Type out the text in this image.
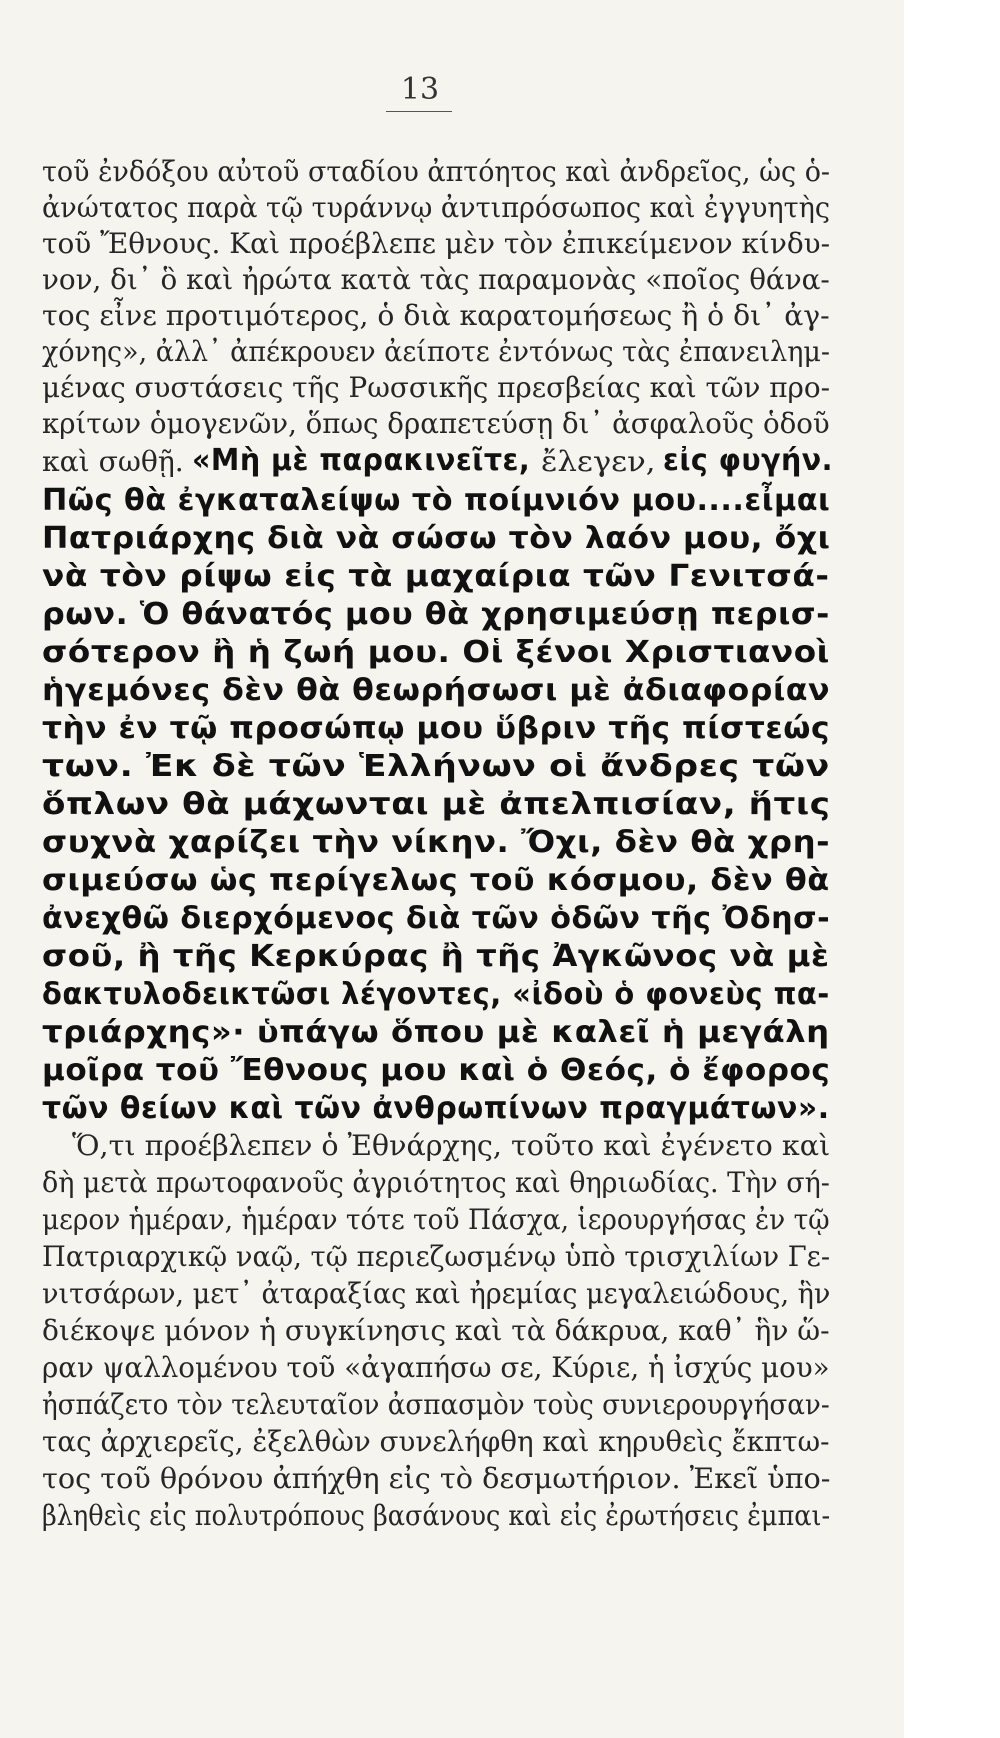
13
τοῦ ἐνδόξου αὐτοῦ σταδίου ἀπτόητος καὶ ἀνδρεῖος, ὡς ὁ-
ἀνώτατος παρὰ τῷ τυράννῳ ἀντιπρόσωπος καὶ ἐγγυητὴς
τοῦ Ἔθνους. Καὶ προέβλεπε μὲν τὸν ἐπικείμενον κίνδυ-
νον, δι᾽ ὃ καὶ ἠρώτα κατὰ τὰς παραμονὰς «ποῖος θάνα-
τος εἶνε προτιμότερος, ὁ διὰ καρατομήσεως ἢ ὁ δι᾽ ἀγ-
χόνης», ἀλλ᾽ ἀπέκρουεν ἀείποτε ἐντόνως τὰς ἐπανειλημ-
μένας συστάσεις τῆς Ρωσσικῆς πρεσβείας καὶ τῶν προ-
κρίτων ὁμογενῶν, ὅπως δραπετεύσῃ δι᾽ ἀσφαλοῦς ὁδοῦ
καὶ σωθῇ. «Μὴ μὲ παρακινεῖτε, ἔλεγεν, εἰς φυγήν.
Πῶς θὰ ἐγκαταλείψω τὸ ποίμνιόν μου....εἶμαι
Πατριάρχης διὰ νὰ σώσω τὸν λαόν μου, ὄχι
νὰ τὸν ρίψω εἰς τὰ μαχαίρια τῶν Γενιτσά-
ρων. Ὁ θάνατός μου θὰ χρησιμεύσῃ περισ-
σότερον ἢ ἡ ζωή μου. Οἱ ξένοι Χριστιανοὶ
ἡγεμόνες δὲν θὰ θεωρήσωσι μὲ ἀδιαφορίαν
τὴν ἐν τῷ προσώπῳ μου ὕβριν τῆς πίστεώς
των. Ἐκ δὲ τῶν Ἑλλήνων οἱ ἄνδρες τῶν
ὅπλων θὰ μάχωνται μὲ ἀπελπισίαν, ἥτις
συχνὰ χαρίζει τὴν νίκην. Ὄχι, δὲν θὰ χρη-
σιμεύσω ὡς περίγελως τοῦ κόσμου, δὲν θὰ
ἀνεχθῶ διερχόμενος διὰ τῶν ὁδῶν τῆς Ὀδησ-
σοῦ, ἢ τῆς Κερκύρας ἢ τῆς Ἀγκῶνος νὰ μὲ
δακτυλοδεικτῶσι λέγοντες, «ἰδοὺ ὁ φονεὺς πα-
τριάρχης»· ὑπάγω ὅπου μὲ καλεῖ ἡ μεγάλη
μοῖρα τοῦ Ἔθνους μου καὶ ὁ Θεός, ὁ ἔφορος
τῶν θείων καὶ τῶν ἀνθρωπίνων πραγμάτων».
Ὅ,τι προέβλεπεν ὁ Ἐθνάρχης, τοῦτο καὶ ἐγένετο καὶ
δὴ μετὰ πρωτοφανοῦς ἀγριότητος καὶ θηριωδίας. Τὴν σή-
μερον ἡμέραν, ἡμέραν τότε τοῦ Πάσχα, ἱερουργήσας ἐν τῷ
Πατριαρχικῷ ναῷ, τῷ περιεζωσμένῳ ὑπὸ τρισχιλίων Γε-
νιτσάρων, μετ᾽ ἀταραξίας καὶ ἠρεμίας μεγαλειώδους, ἣν
διέκοψε μόνον ἡ συγκίνησις καὶ τὰ δάκρυα, καθ᾽ ἣν ὥ-
ραν ψαλλομένου τοῦ «ἀγαπήσω σε, Κύριε, ἡ ἰσχύς μου»
ἠσπάζετο τὸν τελευταῖον ἀσπασμὸν τοὺς συνιερουργήσαν-
τας ἀρχιερεῖς, ἐξελθὼν συνελήφθη καὶ κηρυθεὶς ἔκπτω-
τος τοῦ θρόνου ἀπήχθη εἰς τὸ δεσμωτήριον. Ἐκεῖ ὑπο-
βληθεὶς εἰς πολυτρόπους βασάνους καὶ εἰς ἐρωτήσεις ἐμπαι-
